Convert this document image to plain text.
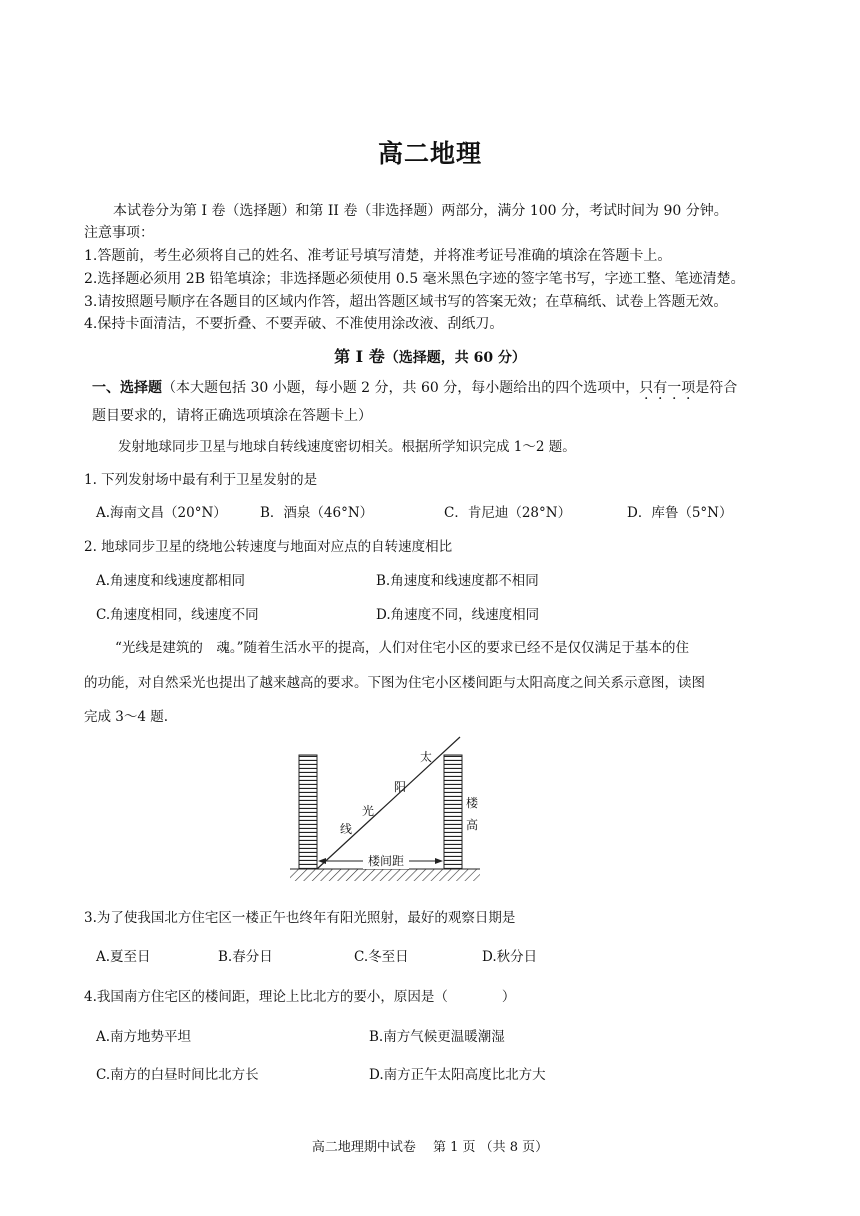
高二地理
本试卷分为第 I 卷（选择题）和第 II 卷（非选择题）两部分，满分 100 分，考试时间为 90 分钟。
注意事项：
1.答题前，考生必须将自己的姓名、准考证号填写清楚，并将准考证号准确的填涂在答题卡上。
2.选择题必须用 2B 铅笔填涂；非选择题必须使用 0.5 毫米黑色字迹的签字笔书写，字迹工整、笔迹清楚。
3.请按照题号顺序在各题目的区域内作答，超出答题区域书写的答案无效；在草稿纸、试卷上答题无效。
4.保持卡面清洁，不要折叠、不要弄破、不准使用涂改液、刮纸刀。
第 I 卷（选择题，共 60 分）
一、选择题（本大题包括 30 小题，每小题 2 分，共 60 分，每小题给出的四个选项中，只有一项是符合
题目要求的，请将正确选项填涂在答题卡上）
发射地球同步卫星与地球自转线速度密切相关。根据所学知识完成 1～2 题。
1. 下列发射场中最有利于卫星发射的是
A.海南文昌（20°N） B．酒泉（46°N）	C．肯尼迪（28°N）	D．库鲁（5°N）
2. 地球同步卫星的绕地公转速度与地面对应点的自转速度相比
A.角速度和线速度都相同	B.角速度和线速度都不相同
C.角速度相同，线速度不同	D.角速度不同，线速度相同
“光线是建筑的　魂。”随着生活水平的提高，人们对住宅小区的要求已经不是仅仅满足于基本的住
的功能，对自然采光也提出了越来越高的要求。下图为住宅小区楼间距与太阳高度之间关系示意图，读图
完成 3～4 题.
楼间距
太
阳
光
线
楼
高
3.为了使我国北方住宅区一楼正午也终年有阳光照射，最好的观察日期是
A.夏至日	B.春分日	C.冬至日	D.秋分日
4.我国南方住宅区的楼间距，理论上比北方的要小，原因是（　　　　）
A.南方地势平坦	B.南方气候更温暖潮湿
C.南方的白昼时间比北方长	D.南方正午太阳高度比北方大
高二地理期中试卷　 第 1 页 （共 8 页）
